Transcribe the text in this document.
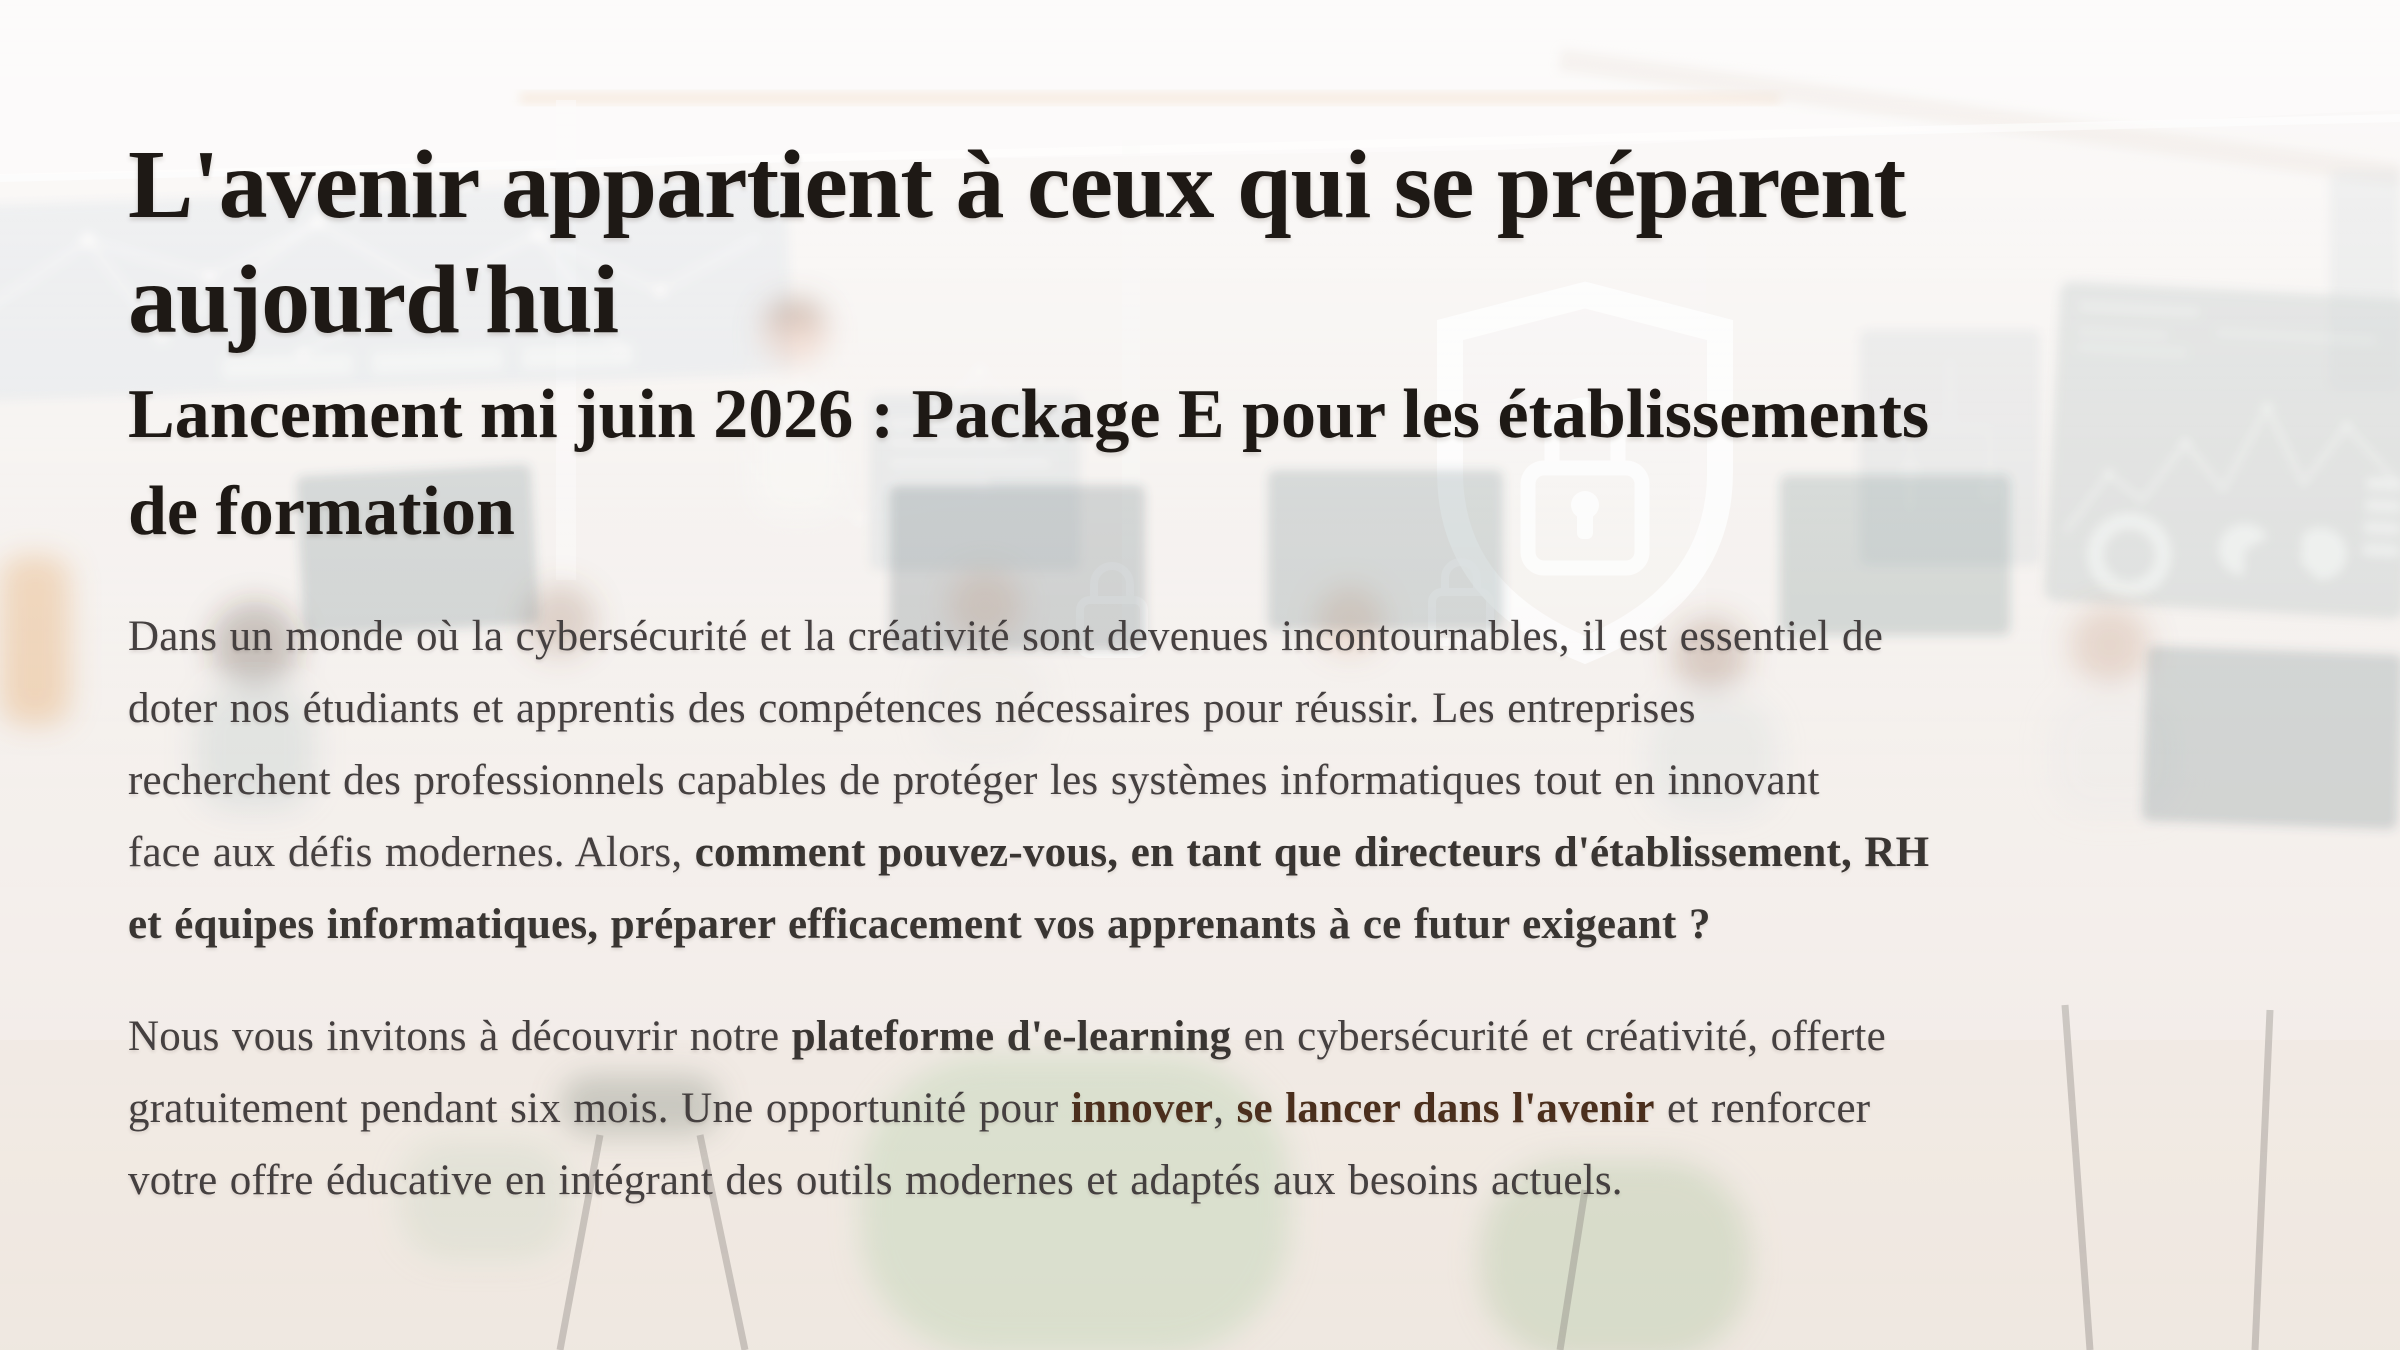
L'avenir appartient à ceux qui se préparent
aujourd'hui
Lancement mi juin 2026 : Package E pour les établissements
de formation

Dans un monde où la cybersécurité et la créativité sont devenues incontournables, il est essentiel de
doter nos étudiants et apprentis des compétences nécessaires pour réussir. Les entreprises
recherchent des professionnels capables de protéger les systèmes informatiques tout en innovant
face aux défis modernes. Alors, comment pouvez-vous, en tant que directeurs d'établissement, RH
et équipes informatiques, préparer efficacement vos apprenants à ce futur exigeant ?

Nous vous invitons à découvrir notre plateforme d'e-learning en cybersécurité et créativité, offerte
gratuitement pendant six mois. Une opportunité pour innover, se lancer dans l'avenir et renforcer
votre offre éducative en intégrant des outils modernes et adaptés aux besoins actuels.
